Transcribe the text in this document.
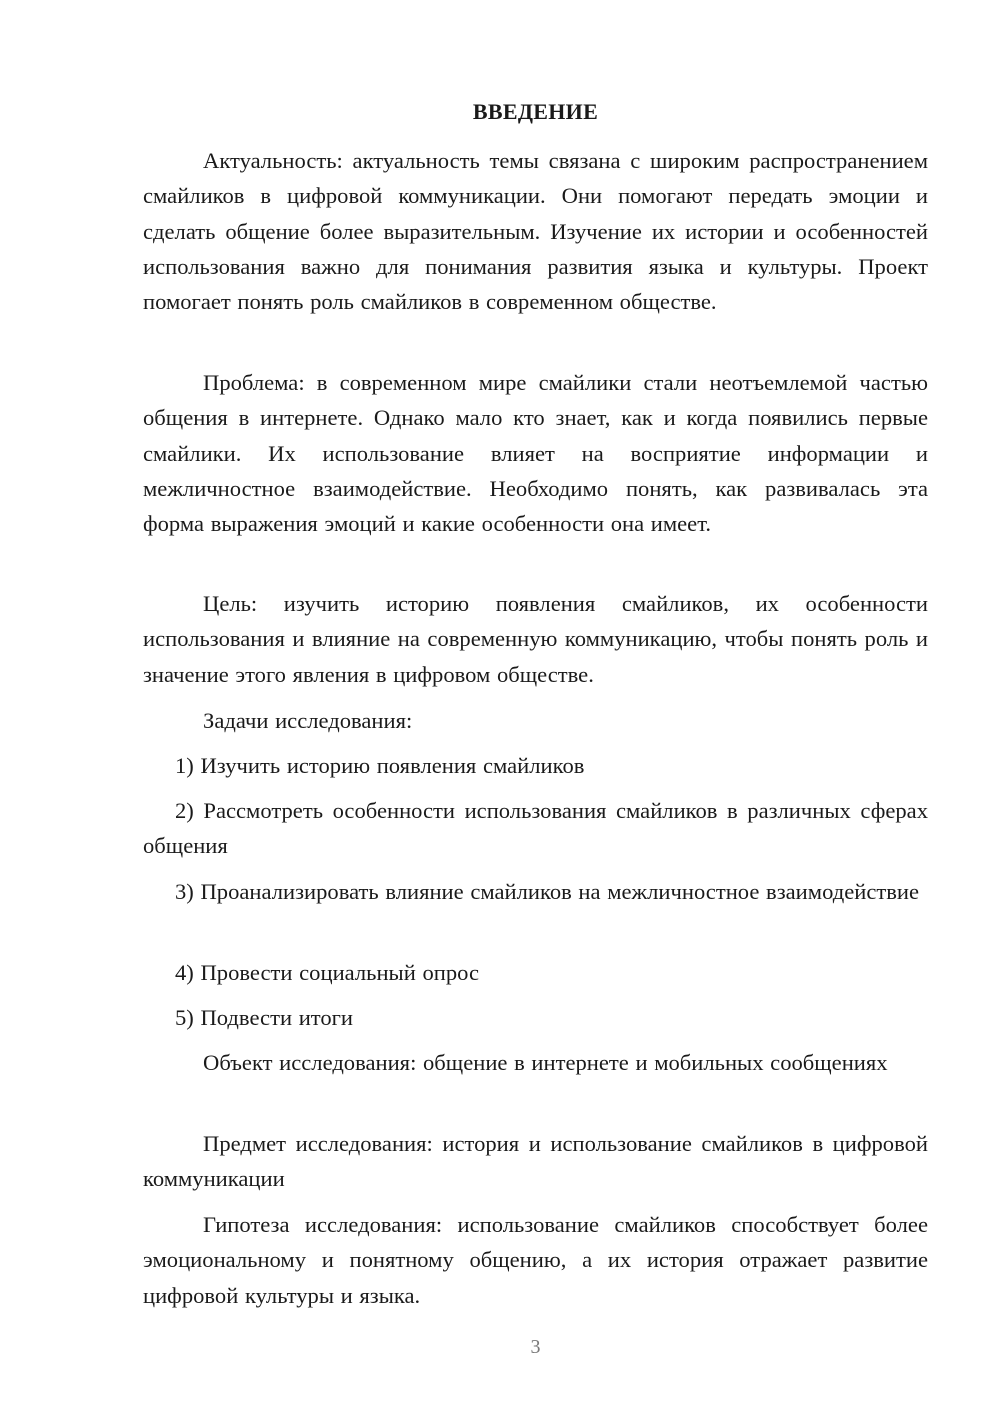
ВВЕДЕНИЕ

Актуальность: актуальность темы связана с широким распространением смайликов в цифровой коммуникации. Они помогают передать эмоции и сделать общение более выразительным. Изучение их истории и особенностей использования важно для понимания развития языка и культуры. Проект помогает понять роль смайликов в современном обществе.

Проблема: в современном мире смайлики стали неотъемлемой частью общения в интернете. Однако мало кто знает, как и когда появились первые смайлики. Их использование влияет на восприятие информации и межличностное взаимодействие. Необходимо понять, как развивалась эта форма выражения эмоций и какие особенности она имеет.

Цель: изучить историю появления смайликов, их особенности использования и влияние на современную коммуникацию, чтобы понять роль и значение этого явления в цифровом обществе.

Задачи исследования:

1) Изучить историю появления смайликов

2) Рассмотреть особенности использования смайликов в различных сферах общения

3) Проанализировать влияние смайликов на межличностное взаимодействие

4) Провести социальный опрос

5) Подвести итоги

Объект исследования: общение в интернете и мобильных сообщениях

Предмет исследования: история и использование смайликов в цифровой коммуникации

Гипотеза исследования: использование смайликов способствует более эмоциональному и понятному общению, а их история отражает развитие цифровой культуры и языка.

3
